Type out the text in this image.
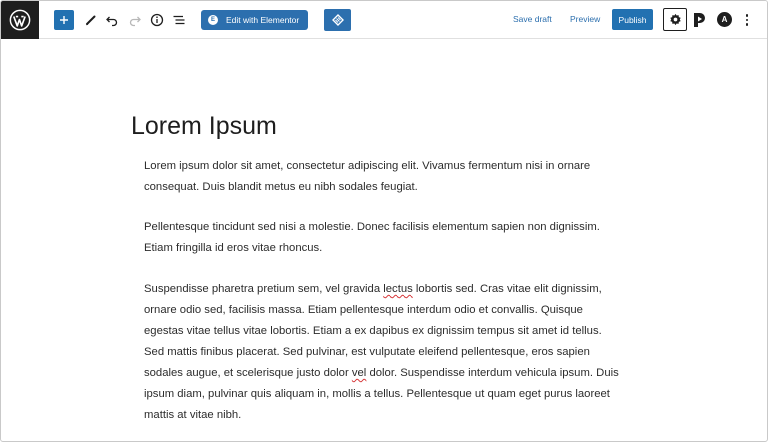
E	Edit with Elementor	Save draft Preview	Publish	A
Lorem Ipsum

Lorem ipsum dolor sit amet, consectetur adipiscing elit. Vivamus fermentum nisi in ornare consequat. Duis blandit metus eu nibh sodales feugiat.

Pellentesque tincidunt sed nisi a molestie. Donec facilisis elementum sapien non dignissim. Etiam fringilla id eros vitae rhoncus.

Suspendisse pharetra pretium sem, vel gravida lectus lobortis sed. Cras vitae elit dignissim, ornare odio sed, facilisis massa. Etiam pellentesque interdum odio et convallis. Quisque egestas vitae tellus vitae lobortis. Etiam a ex dapibus ex dignissim tempus sit amet id tellus. Sed mattis finibus placerat. Sed pulvinar, est vulputate eleifend pellentesque, eros sapien sodales augue, et scelerisque justo dolor vel dolor. Suspendisse interdum vehicula ipsum. Duis ipsum diam, pulvinar quis aliquam in, mollis a tellus. Pellentesque ut quam eget purus laoreet mattis at vitae nibh.
